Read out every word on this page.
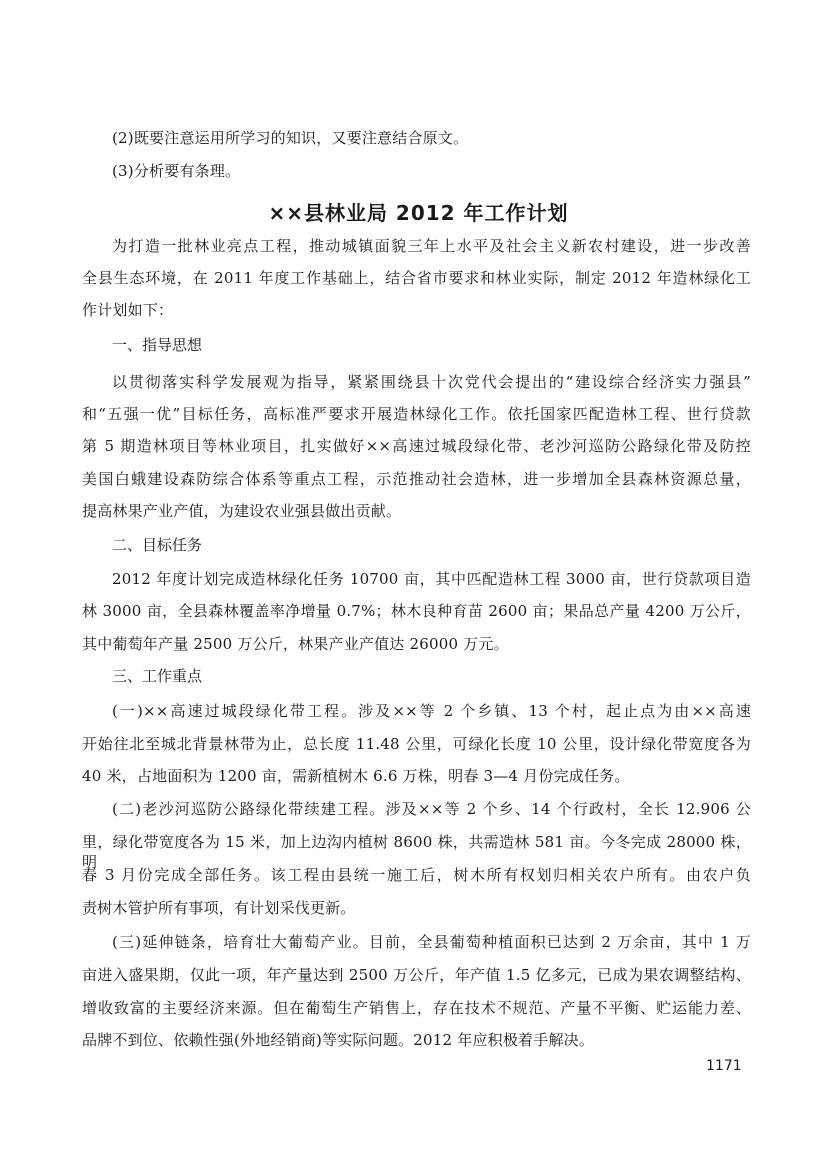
(2)既要注意运用所学习的知识，又要注意结合原文。
(3)分析要有条理。
××县林业局 2012 年工作计划
为打造一批林业亮点工程，推动城镇面貌三年上水平及社会主义新农村建设，进一步改善
全县生态环境，在 2011 年度工作基础上，结合省市要求和林业实际，制定 2012 年造林绿化工
作计划如下：
一、指导思想
以贯彻落实科学发展观为指导，紧紧围绕县十次党代会提出的“建设综合经济实力强县”
和“五强一优”目标任务，高标准严要求开展造林绿化工作。依托国家匹配造林工程、世行贷款
第 5 期造林项目等林业项目，扎实做好××高速过城段绿化带、老沙河巡防公路绿化带及防控
美国白蛾建设森防综合体系等重点工程，示范推动社会造林，进一步增加全县森林资源总量，
提高林果产业产值，为建设农业强县做出贡献。
二、目标任务
2012 年度计划完成造林绿化任务 10700 亩，其中匹配造林工程 3000 亩，世行贷款项目造
林 3000 亩，全县森林覆盖率净增量 0.7%；林木良种育苗 2600 亩；果品总产量 4200 万公斤，
其中葡萄年产量 2500 万公斤，林果产业产值达 26000 万元。
三、工作重点
(一)××高速过城段绿化带工程。涉及××等 2 个乡镇、13 个村，起止点为由××高速
开始往北至城北背景林带为止，总长度 11.48 公里，可绿化长度 10 公里，设计绿化带宽度各为
40 米，占地面积为 1200 亩，需新植树木 6.6 万株，明春 3—4 月份完成任务。
(二)老沙河巡防公路绿化带续建工程。涉及××等 2 个乡、14 个行政村，全长 12.906 公
里，绿化带宽度各为 15 米，加上边沟内植树 8600 株，共需造林 581 亩。今冬完成 28000 株，明
春 3 月份完成全部任务。该工程由县统一施工后，树木所有权划归相关农户所有。由农户负
责树木管护所有事项，有计划采伐更新。
(三)延伸链条，培育壮大葡萄产业。目前，全县葡萄种植面积已达到 2 万余亩，其中 1 万
亩进入盛果期，仅此一项，年产量达到 2500 万公斤，年产值 1.5 亿多元，已成为果农调整结构、
增收致富的主要经济来源。但在葡萄生产销售上，存在技术不规范、产量不平衡、贮运能力差、
品牌不到位、依赖性强(外地经销商)等实际问题。2012 年应积极着手解决。
1171
